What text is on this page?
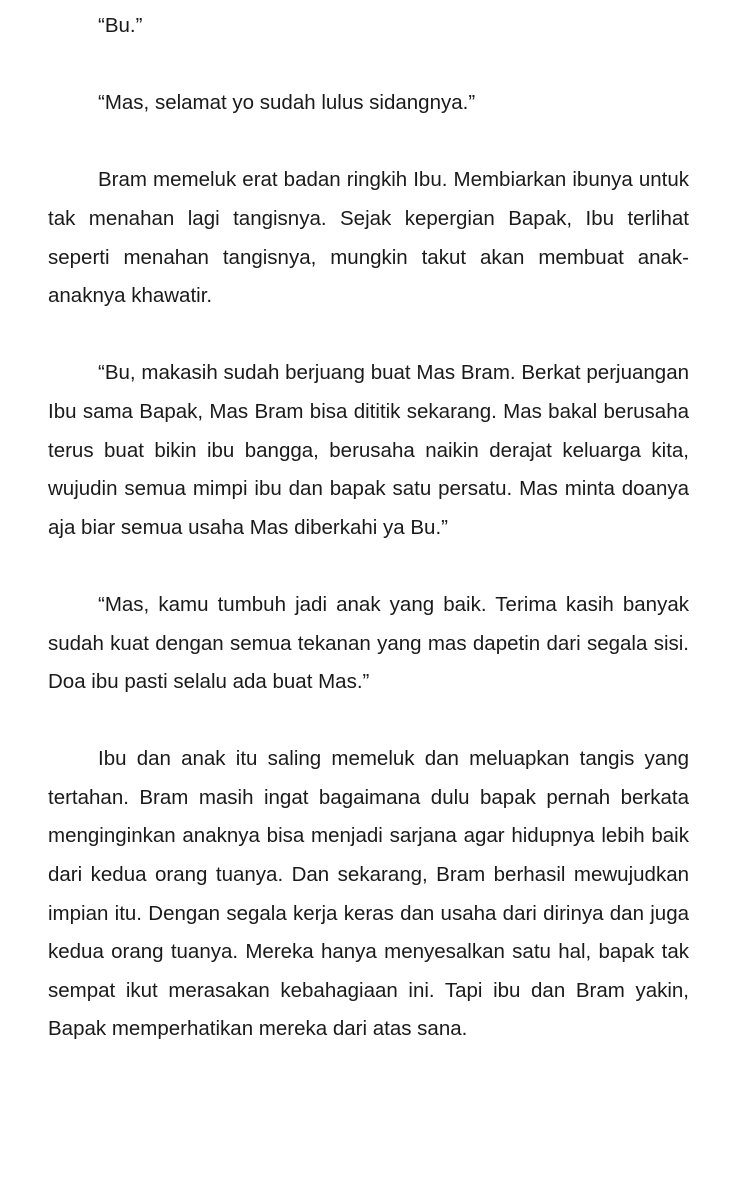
“Bu.”

“Mas, selamat yo sudah lulus sidangnya.”

Bram memeluk erat badan ringkih Ibu. Membiarkan ibunya untuk tak menahan lagi tangisnya. Sejak kepergian Bapak, Ibu terlihat seperti menahan tangisnya, mungkin takut akan membuat anak-anaknya khawatir.

“Bu, makasih sudah berjuang buat Mas Bram. Berkat perjuangan Ibu sama Bapak, Mas Bram bisa dititik sekarang. Mas bakal berusaha terus buat bikin ibu bangga, berusaha naikin derajat keluarga kita, wujudin semua mimpi ibu dan bapak satu persatu. Mas minta doanya aja biar semua usaha Mas diberkahi ya Bu.”

“Mas, kamu tumbuh jadi anak yang baik. Terima kasih banyak sudah kuat dengan semua tekanan yang mas dapetin dari segala sisi. Doa ibu pasti selalu ada buat Mas.”

Ibu dan anak itu saling memeluk dan meluapkan tangis yang tertahan. Bram masih ingat bagaimana dulu bapak pernah berkata menginginkan anaknya bisa menjadi sarjana agar hidupnya lebih baik dari kedua orang tuanya. Dan sekarang, Bram berhasil mewujudkan impian itu. Dengan segala kerja keras dan usaha dari dirinya dan juga kedua orang tuanya. Mereka hanya menyesalkan satu hal, bapak tak sempat ikut merasakan kebahagiaan ini. Tapi ibu dan Bram yakin, Bapak memperhatikan mereka dari atas sana.
